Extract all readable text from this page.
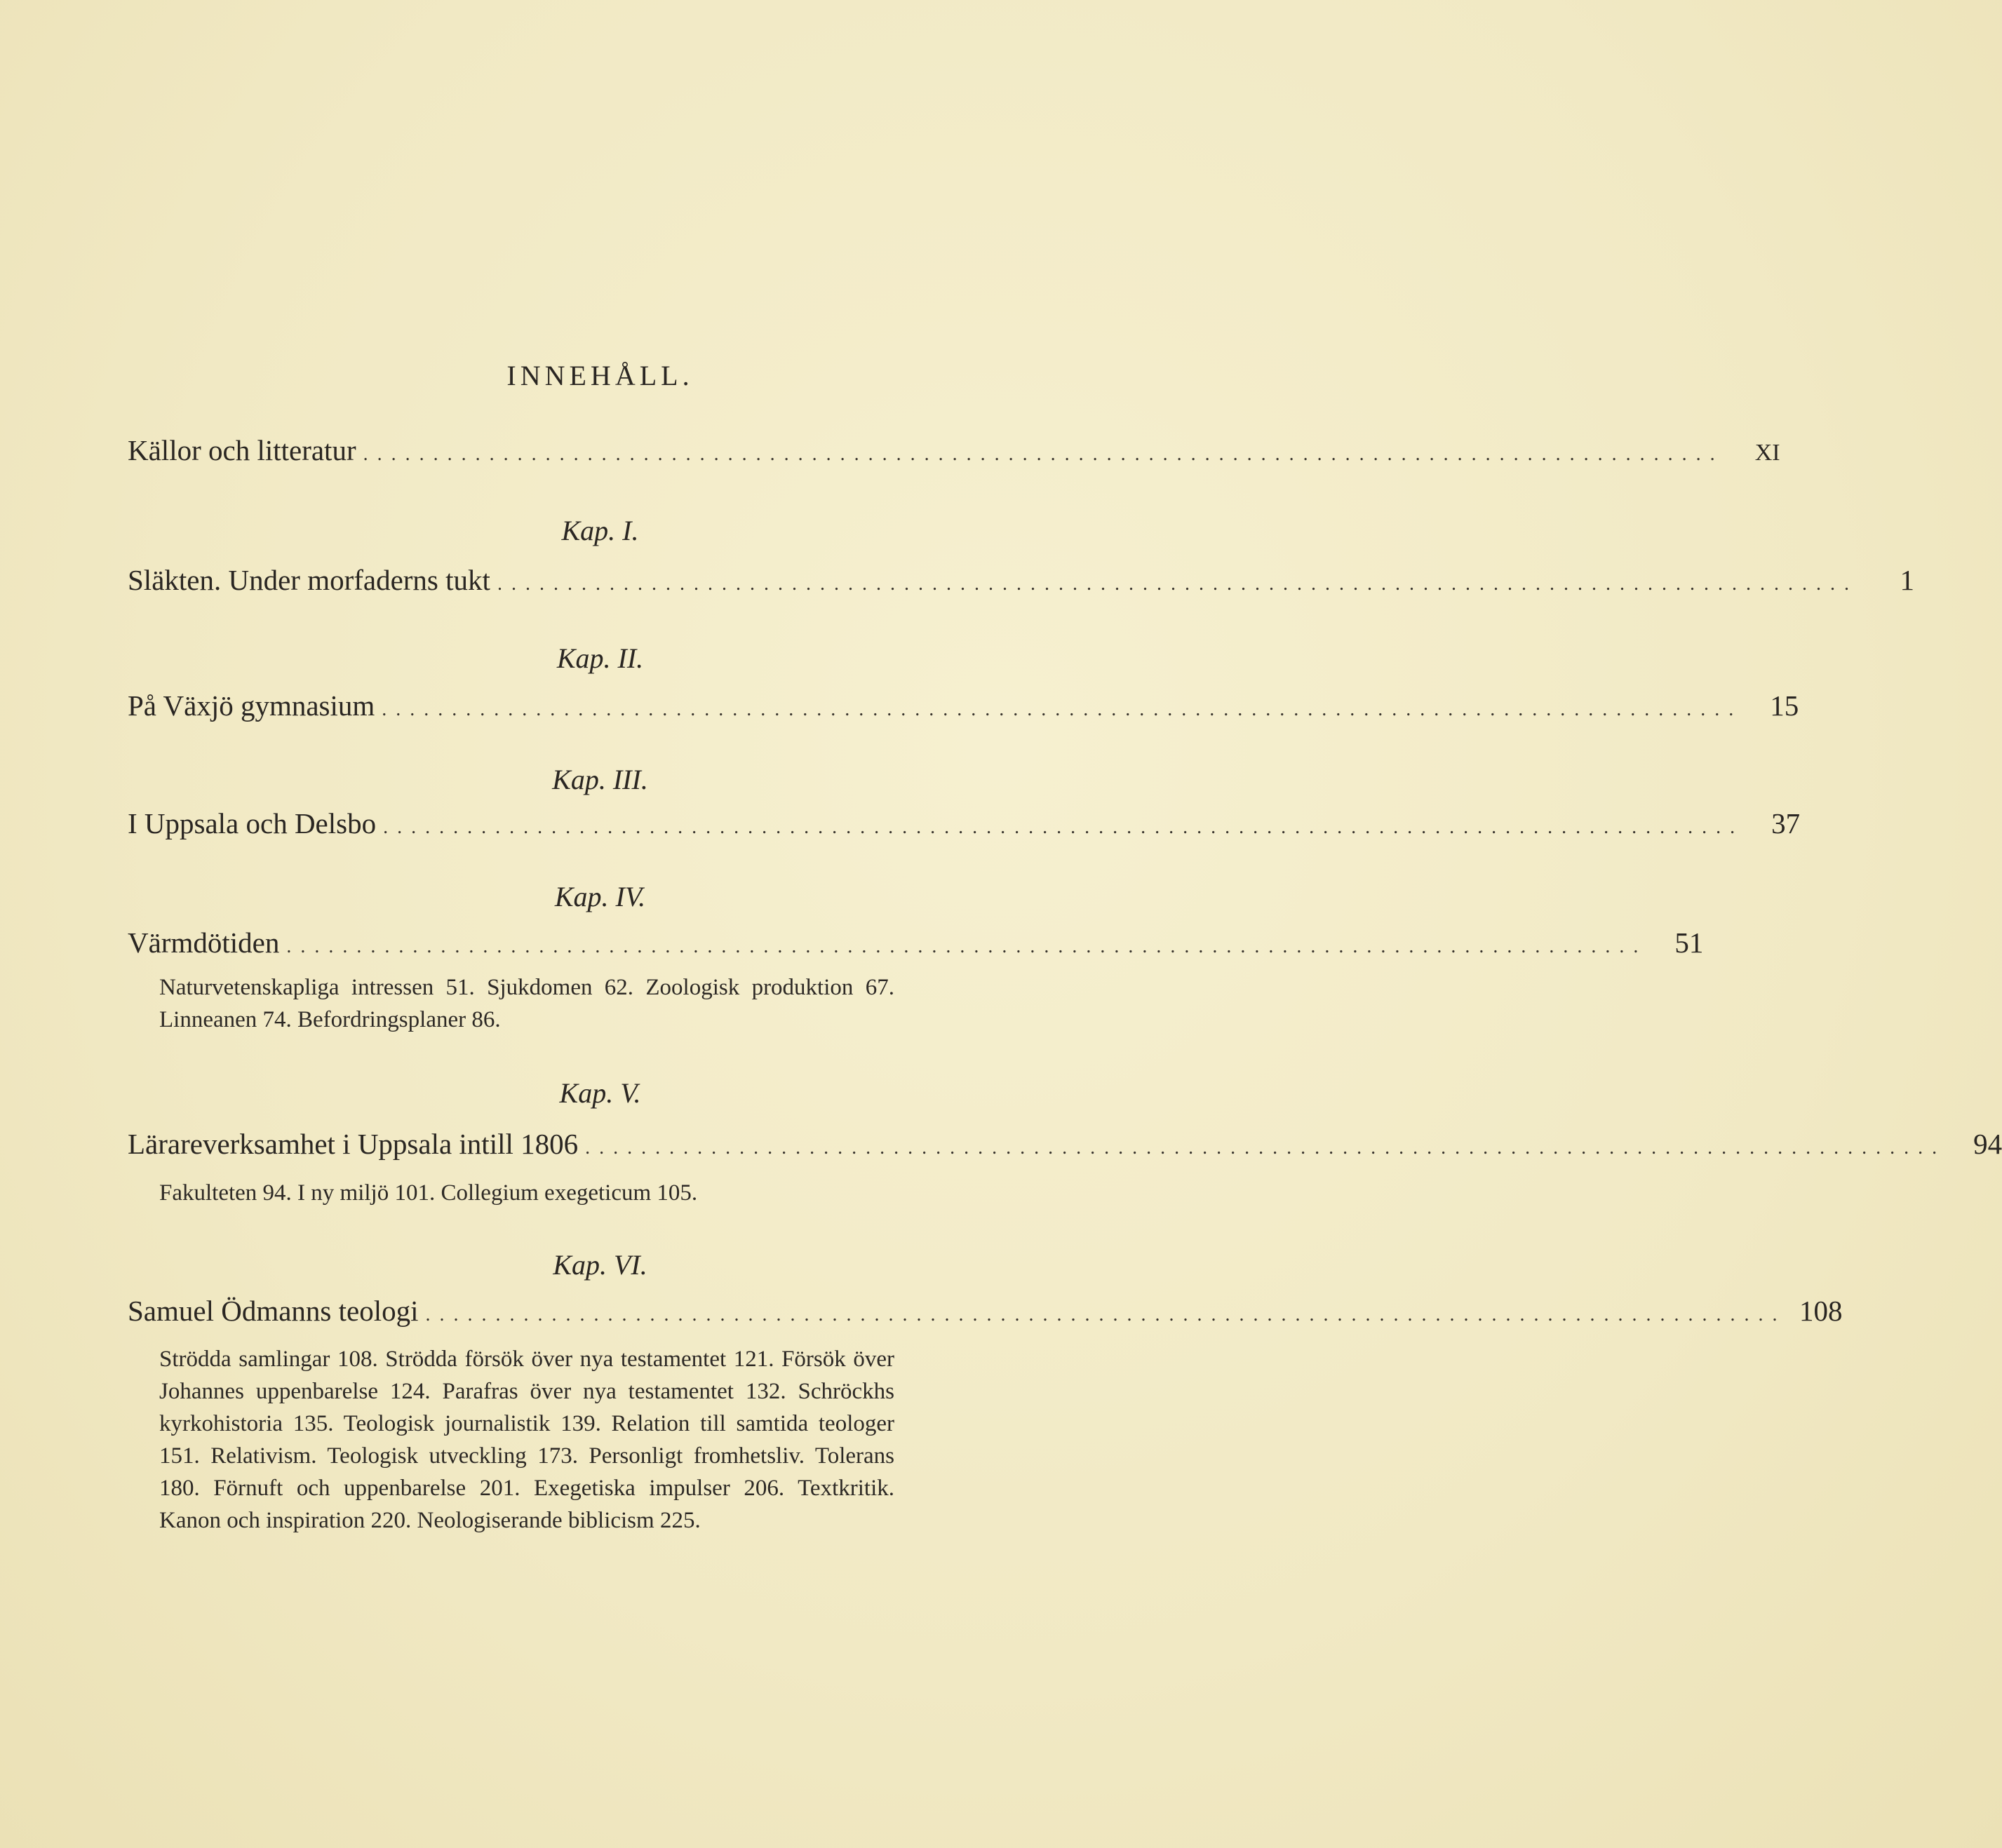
INNEHÅLL.
Källor och litteratur . . . . . . . . . . . . . . . . . . . . . . . . . . . . . . . . . . . . . . . . . . . . . . . . . . . . . . . . . . . . . . . . . . . . . . . . . . . . . . . . . . . . . . . . . . . . . . . . .	XI
Kap. I.
Släkten. Under morfaderns tukt . . . . . . . . . . . . . . . . . . . . . . . . . . . . . . . . . . . . . . . . . . . . . . . . . . . . . . . . . . . . . . . . . . . . . . . . . . . . . . . . . . . . . . . . . . . . . . . . .	1
Kap. II.
På Växjö gymnasium . . . . . . . . . . . . . . . . . . . . . . . . . . . . . . . . . . . . . . . . . . . . . . . . . . . . . . . . . . . . . . . . . . . . . . . . . . . . . . . . . . . . . . . . . . . . . . . . .	15
Kap. III.
I Uppsala och Delsbo . . . . . . . . . . . . . . . . . . . . . . . . . . . . . . . . . . . . . . . . . . . . . . . . . . . . . . . . . . . . . . . . . . . . . . . . . . . . . . . . . . . . . . . . . . . . . . . . .	37
Kap. IV.
Värmdötiden . . . . . . . . . . . . . . . . . . . . . . . . . . . . . . . . . . . . . . . . . . . . . . . . . . . . . . . . . . . . . . . . . . . . . . . . . . . . . . . . . . . . . . . . . . . . . . . . .	51
Naturvetenskapliga intressen 51. Sjukdomen 62. Zoologisk produktion 67. Linneanen 74. Befordringsplaner 86.
Kap. V.
Lärareverksamhet i Uppsala intill 1806 . . . . . . . . . . . . . . . . . . . . . . . . . . . . . . . . . . . . . . . . . . . . . . . . . . . . . . . . . . . . . . . . . . . . . . . . . . . . . . . . . . . . . . . . . . . . . . . . .	94
Fakulteten 94. I ny miljö 101. Collegium exegeticum 105.
Kap. VI.
Samuel Ödmanns teologi . . . . . . . . . . . . . . . . . . . . . . . . . . . . . . . . . . . . . . . . . . . . . . . . . . . . . . . . . . . . . . . . . . . . . . . . . . . . . . . . . . . . . . . . . . . . . . . . . 108
Strödda samlingar 108. Strödda försök över nya testamentet 121. Försök över Johannes uppenbarelse 124. Parafras över nya testamentet 132. Schröckhs kyrkohistoria 135. Teologisk journalistik 139. Relation till samtida teologer 151. Relativism. Teologisk utveckling 173. Personligt fromhetsliv. Tolerans 180. Förnuft och uppenbarelse 201. Exegetiska impulser 206. Textkritik. Kanon och inspiration 220. Neologiserande biblicism 225.
